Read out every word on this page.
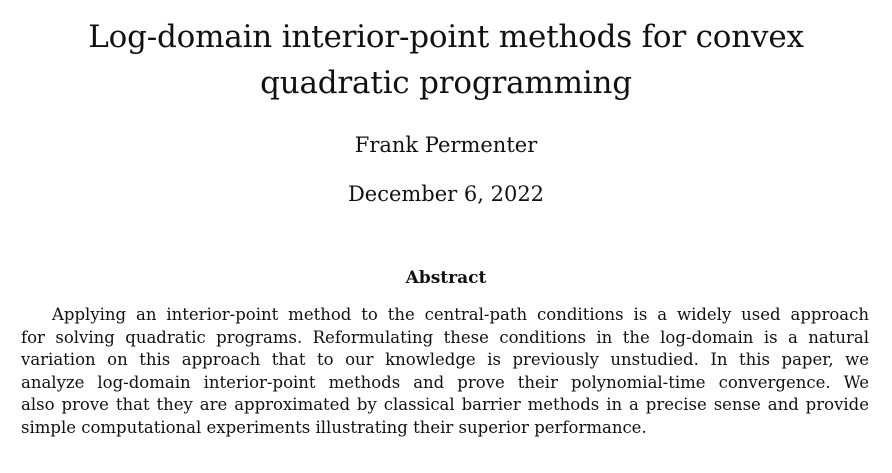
Log-domain interior-point methods for convex quadratic programming
Frank Permenter
December 6, 2022
Abstract
Applying an interior-point method to the central-path conditions is a widely used approach
for solving quadratic programs. Reformulating these conditions in the log-domain is a natural
variation on this approach that to our knowledge is previously unstudied. In this paper, we
analyze log-domain interior-point methods and prove their polynomial-time convergence. We
also prove that they are approximated by classical barrier methods in a precise sense and provide
simple computational experiments illustrating their superior performance.
